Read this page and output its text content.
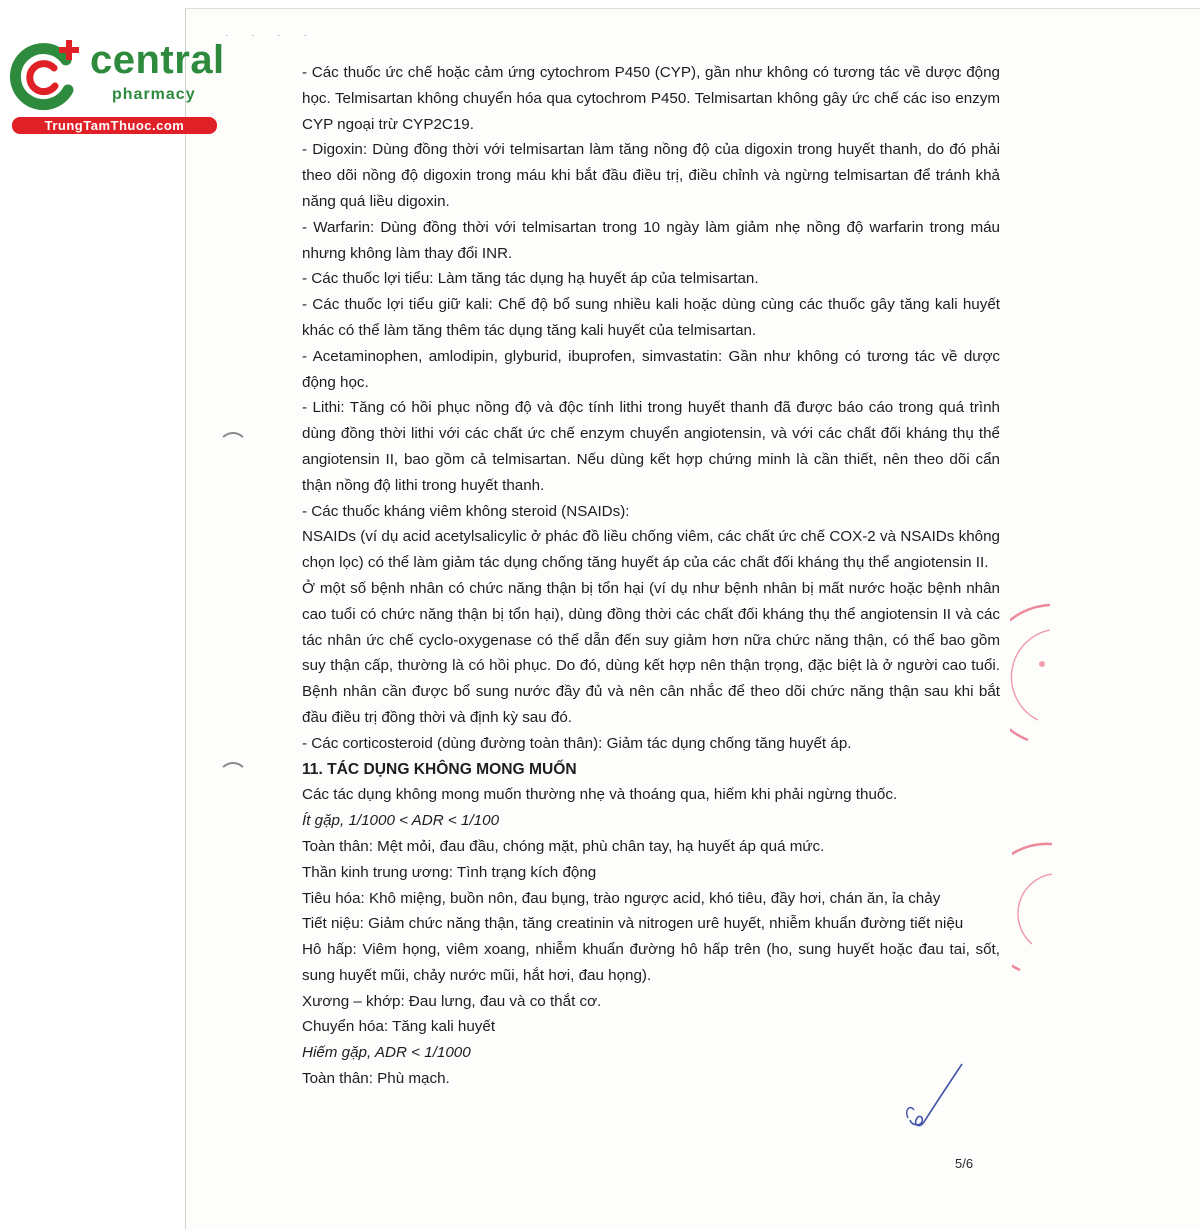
· · · ·
central
pharmacy
TrungTamThuoc.com

- Các thuốc ức chế hoặc cảm ứng cytochrom P450 (CYP), gần như không có tương tác về dược động học. Telmisartan không chuyển hóa qua cytochrom P450. Telmisartan không gây ức chế các iso enzym CYP ngoại trừ CYP2C19.

- Digoxin: Dùng đồng thời với telmisartan làm tăng nồng độ của digoxin trong huyết thanh, do đó phải theo dõi nồng độ digoxin trong máu khi bắt đầu điều trị, điều chỉnh và ngừng telmisartan để tránh khả năng quá liều digoxin.

- Warfarin: Dùng đồng thời với telmisartan trong 10 ngày làm giảm nhẹ nồng độ warfarin trong máu nhưng không làm thay đổi INR.

- Các thuốc lợi tiểu: Làm tăng tác dụng hạ huyết áp của telmisartan.

- Các thuốc lợi tiểu giữ kali: Chế độ bổ sung nhiều kali hoặc dùng cùng các thuốc gây tăng kali huyết khác có thể làm tăng thêm tác dụng tăng kali huyết của telmisartan.

- Acetaminophen, amlodipin, glyburid, ibuprofen, simvastatin: Gần như không có tương tác về dược động học.

- Lithi: Tăng có hồi phục nồng độ và độc tính lithi trong huyết thanh đã được báo cáo trong quá trình dùng đồng thời lithi với các chất ức chế enzym chuyển angiotensin, và với các chất đối kháng thụ thể angiotensin II, bao gồm cả telmisartan. Nếu dùng kết hợp chứng minh là cần thiết, nên theo dõi cẩn thận nồng độ lithi trong huyết thanh.

- Các thuốc kháng viêm không steroid (NSAIDs):

NSAIDs (ví dụ acid acetylsalicylic ở phác đồ liều chống viêm, các chất ức chế COX-2 và NSAIDs không chọn lọc) có thể làm giảm tác dụng chống tăng huyết áp của các chất đối kháng thụ thể angiotensin II.

Ở một số bệnh nhân có chức năng thận bị tổn hại (ví dụ như bệnh nhân bị mất nước hoặc bệnh nhân cao tuổi có chức năng thận bị tổn hại), dùng đồng thời các chất đối kháng thụ thể angiotensin II và các tác nhân ức chế cyclo-oxygenase có thể dẫn đến suy giảm hơn nữa chức năng thận, có thể bao gồm suy thận cấp, thường là có hồi phục. Do đó, dùng kết hợp nên thận trọng, đặc biệt là ở người cao tuổi. Bệnh nhân cần được bổ sung nước đầy đủ và nên cân nhắc để theo dõi chức năng thận sau khi bắt đầu điều trị đồng thời và định kỳ sau đó.

- Các corticosteroid (dùng đường toàn thân): Giảm tác dụng chống tăng huyết áp.

11. TÁC DỤNG KHÔNG MONG MUỐN

Các tác dụng không mong muốn thường nhẹ và thoáng qua, hiếm khi phải ngừng thuốc.

Ít gặp, 1/1000 < ADR < 1/100

Toàn thân: Mệt mỏi, đau đầu, chóng mặt, phù chân tay, hạ huyết áp quá mức.

Thần kinh trung ương: Tình trạng kích động

Tiêu hóa: Khô miệng, buồn nôn, đau bụng, trào ngược acid, khó tiêu, đầy hơi, chán ăn, ỉa chảy

Tiết niệu: Giảm chức năng thận, tăng creatinin và nitrogen urê huyết, nhiễm khuẩn đường tiết niệu

Hô hấp: Viêm họng, viêm xoang, nhiễm khuẩn đường hô hấp trên (ho, sung huyết hoặc đau tai, sốt, sung huyết mũi, chảy nước mũi, hắt hơi, đau họng).

Xương – khớp: Đau lưng, đau và co thắt cơ.

Chuyển hóa: Tăng kali huyết

Hiếm gặp, ADR < 1/1000

Toàn thân: Phù mạch.

5/6
